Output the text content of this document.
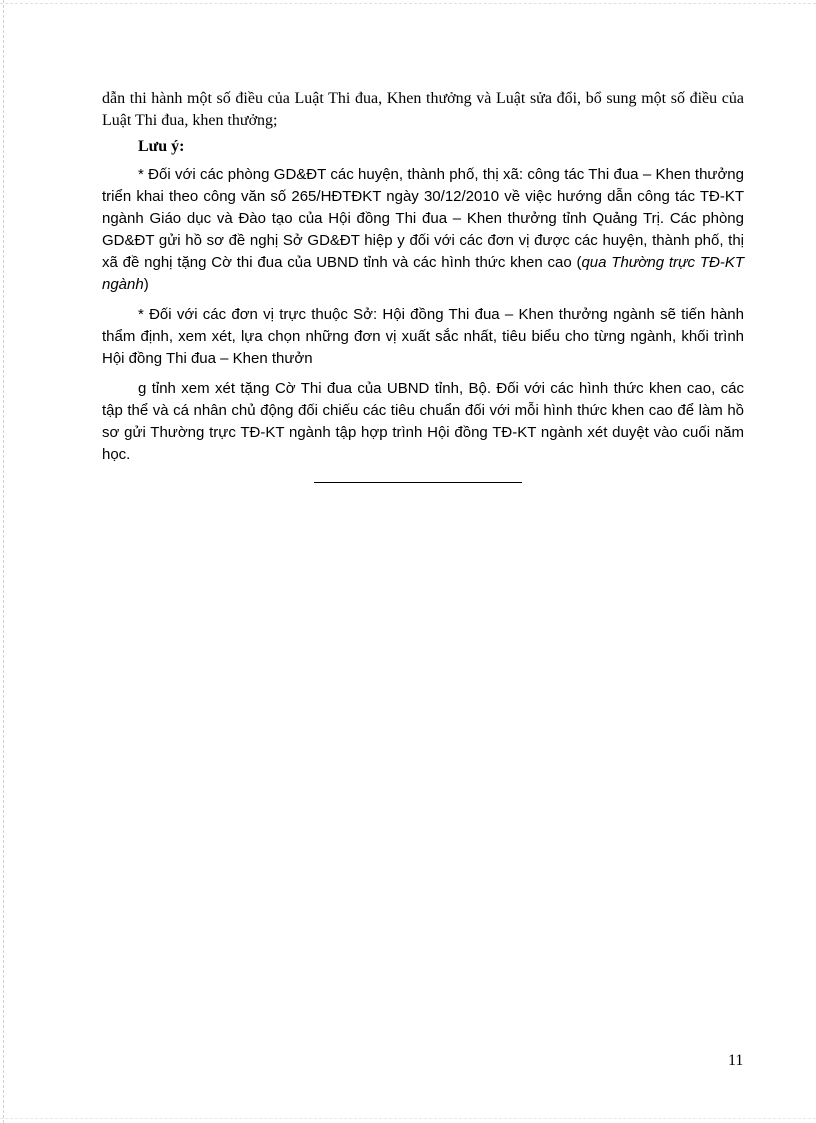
dẫn thi hành một số điều của Luật Thi đua, Khen thưởng và Luật sửa đổi, bổ sung một số điều của Luật Thi đua, khen thưởng;

Lưu ý:

* Đối với các phòng GD&ĐT các huyện, thành phố, thị xã: công tác Thi đua – Khen thưởng triển khai theo công văn số 265/HĐTĐKT ngày 30/12/2010 về việc hướng dẫn công tác TĐ-KT ngành Giáo dục và Đào tạo của Hội đồng Thi đua – Khen thưởng tỉnh Quảng Trị. Các phòng GD&ĐT gửi hồ sơ đề nghị Sở GD&ĐT hiệp y đối với các đơn vị được các huyện, thành phố, thị xã đề nghị tặng Cờ thi đua của UBND tỉnh và các hình thức khen cao (qua Thường trực TĐ-KT ngành)

* Đối với các đơn vị trực thuộc Sở: Hội đồng Thi đua – Khen thưởng ngành sẽ tiến hành thẩm định, xem xét, lựa chọn những đơn vị xuất sắc nhất, tiêu biểu cho từng ngành, khối trình Hội đồng Thi đua – Khen thưởn

g tỉnh xem xét tặng Cờ Thi đua của UBND tỉnh, Bộ. Đối với các hình thức khen cao, các tập thể và cá nhân chủ động đối chiếu các tiêu chuẩn đối với mỗi hình thức khen cao để làm hồ sơ gửi Thường trực TĐ-KT ngành tập hợp trình Hội đồng TĐ-KT ngành xét duyệt vào cuối năm học.

11
